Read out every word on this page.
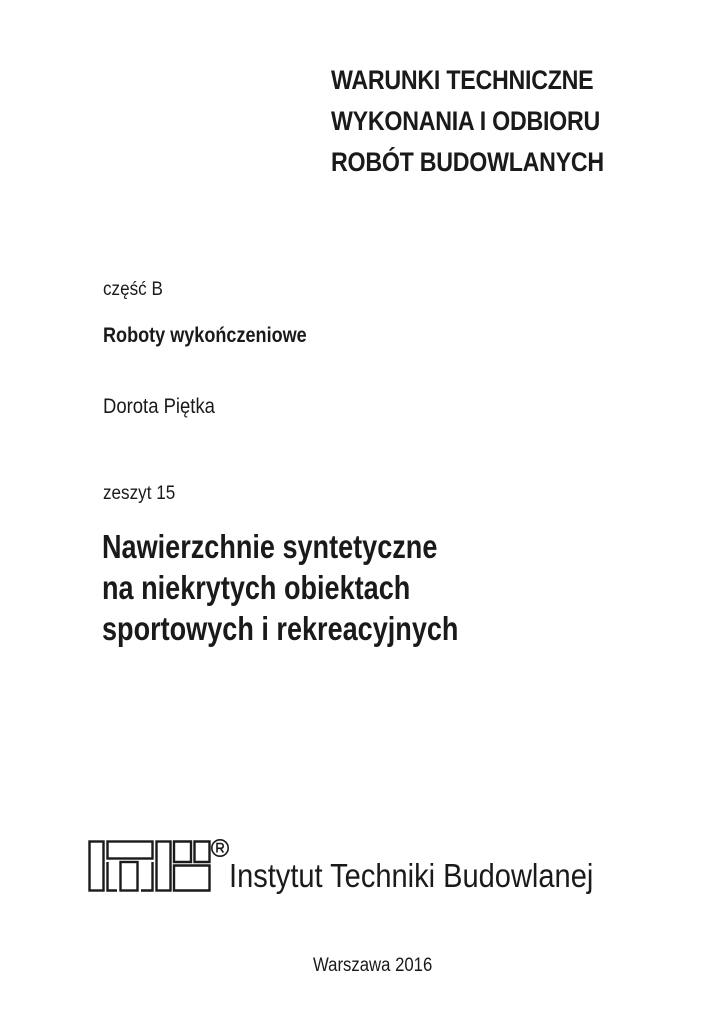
WARUNKI TECHNICZNE
WYKONANIA I ODBIORU
ROBÓT BUDOWLANYCH
część B
Roboty wykończeniowe
Dorota Piętka
zeszyt 15
Nawierzchnie syntetyczne
na niekrytych obiektach
sportowych i rekreacyjnych
Instytut Techniki Budowlanej
Warszawa 2016
